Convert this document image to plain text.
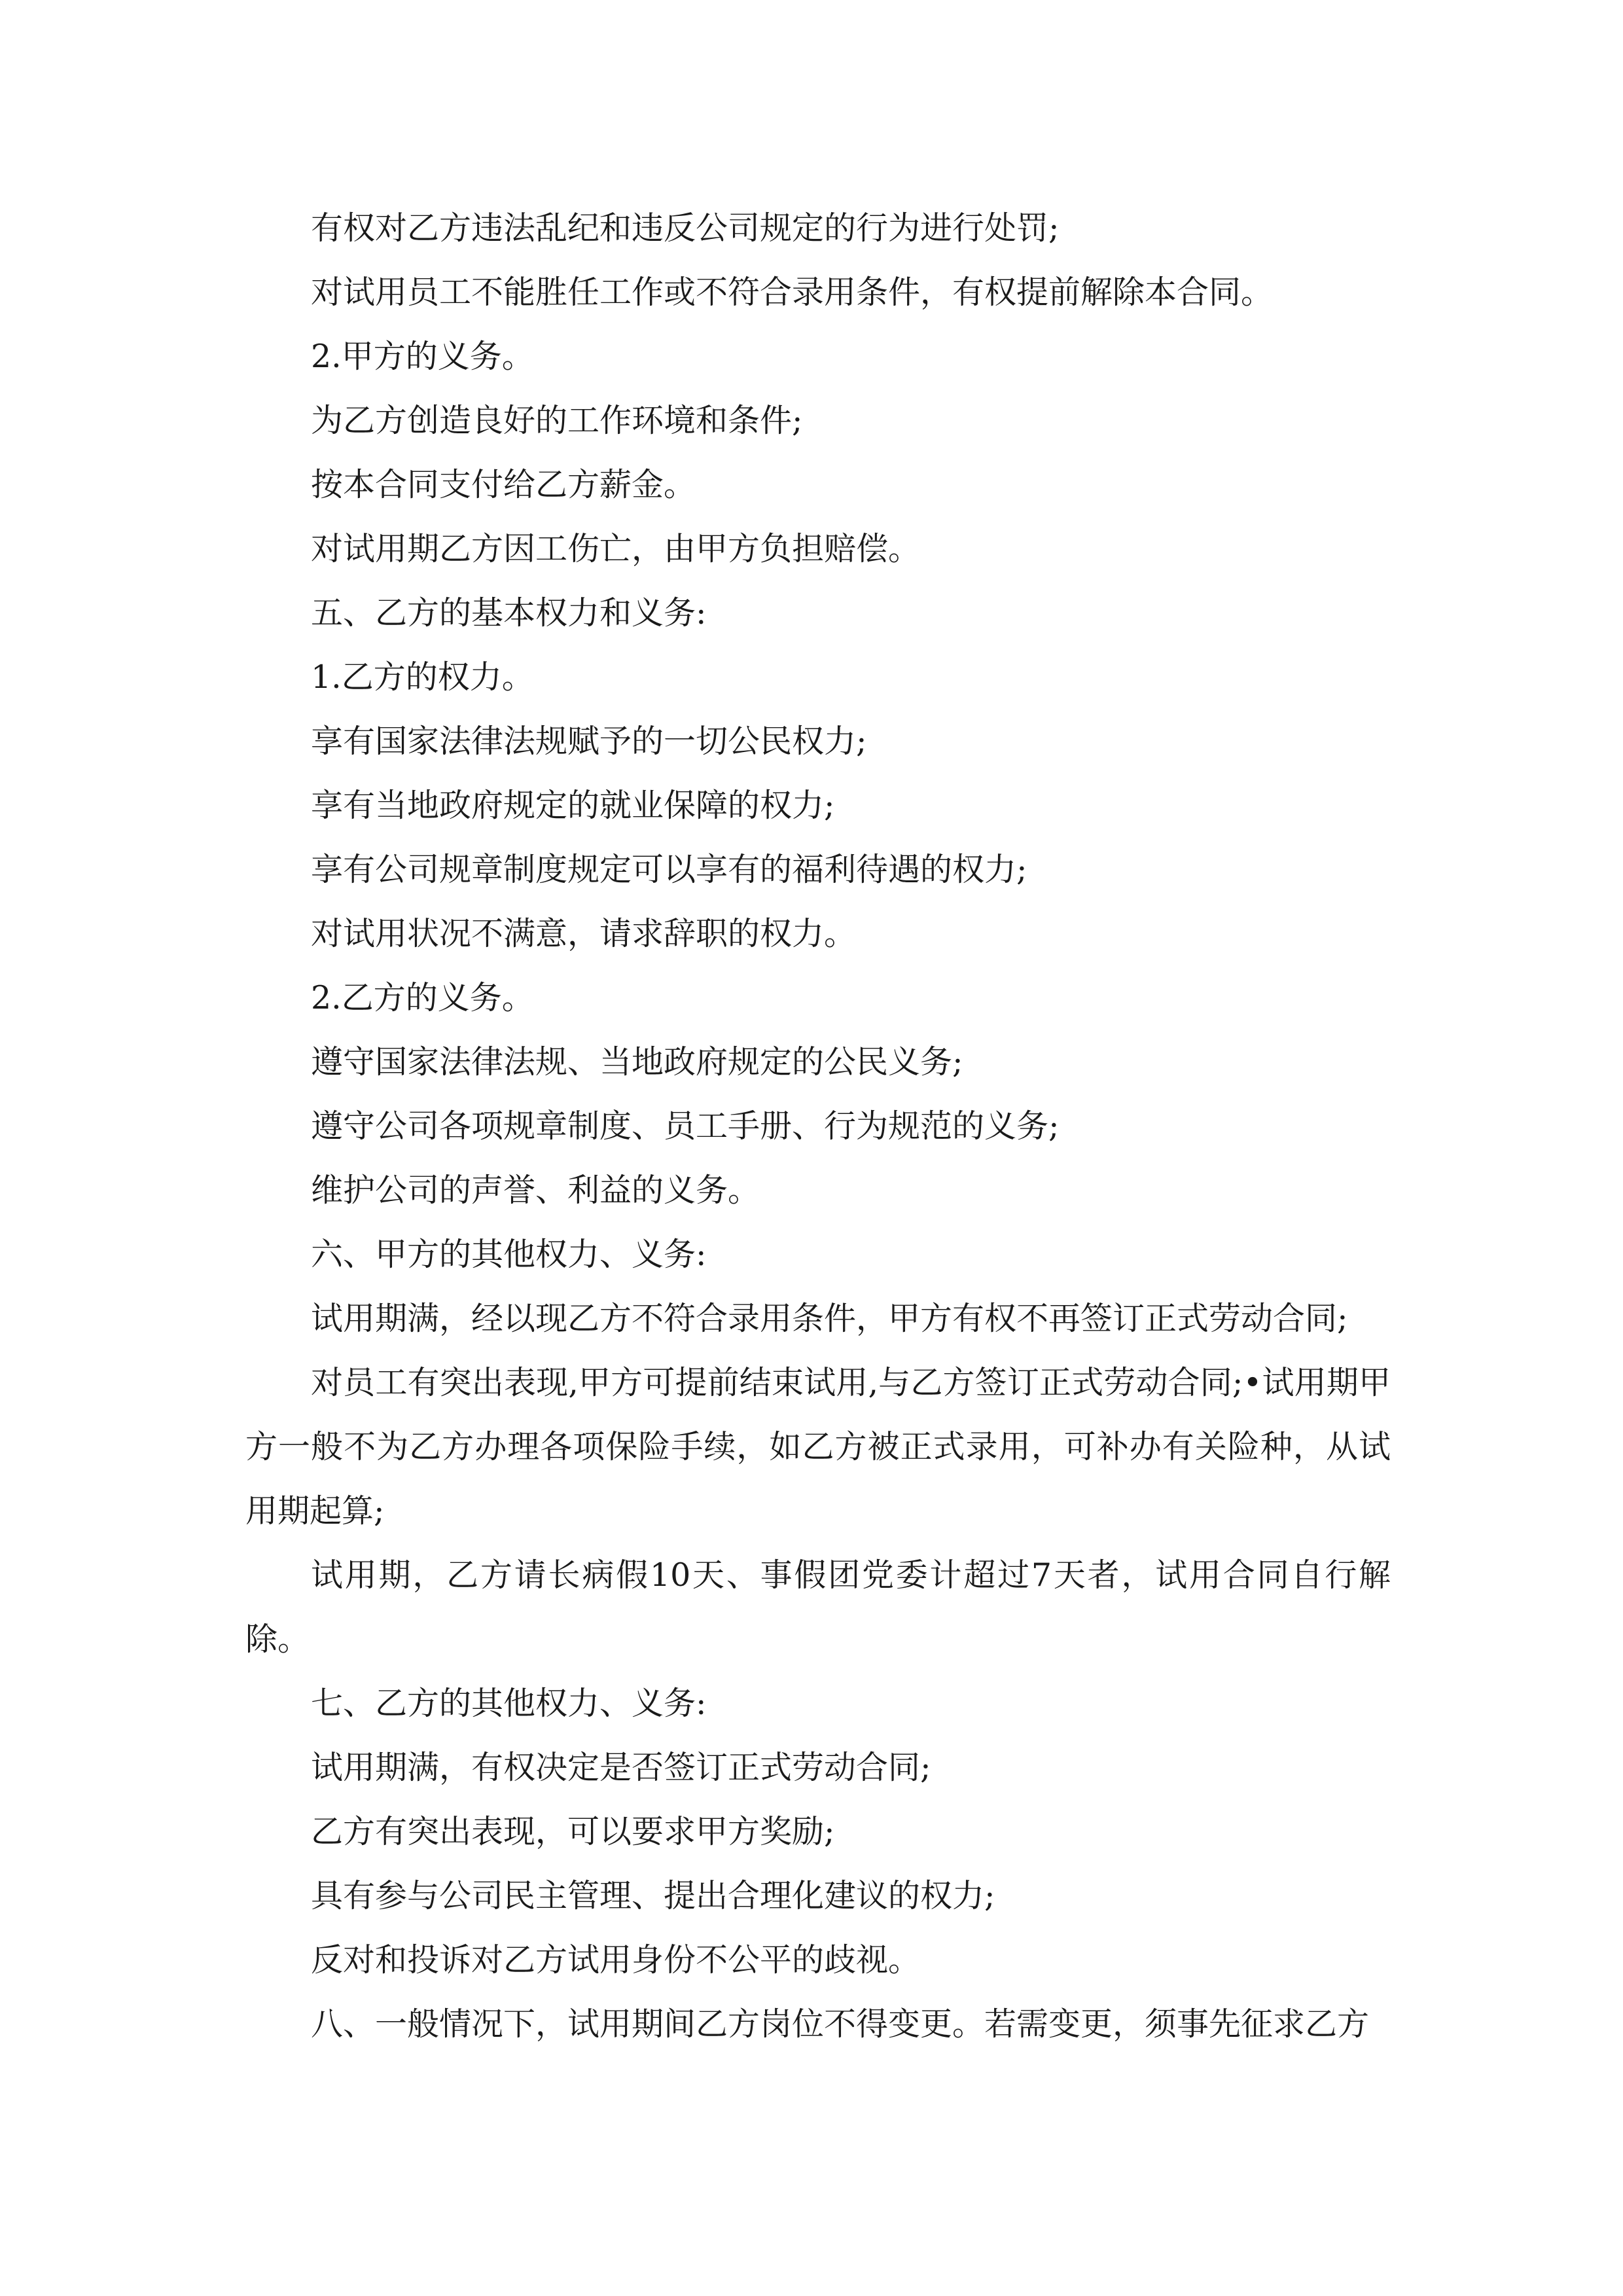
有权对乙方违法乱纪和违反公司规定的行为进行处罚;
对试用员工不能胜任工作或不符合录用条件，有权提前解除本合同。
2.甲方的义务。
为乙方创造良好的工作环境和条件;
按本合同支付给乙方薪金。
对试用期乙方因工伤亡，由甲方负担赔偿。
五、乙方的基本权力和义务:
1.乙方的权力。
享有国家法律法规赋予的一切公民权力;
享有当地政府规定的就业保障的权力;
享有公司规章制度规定可以享有的福利待遇的权力;
对试用状况不满意，请求辞职的权力。
2.乙方的义务。
遵守国家法律法规、当地政府规定的公民义务;
遵守公司各项规章制度、员工手册、行为规范的义务;
维护公司的声誉、利益的义务。
六、甲方的其他权力、义务:
试用期满，经以现乙方不符合录用条件，甲方有权不再签订正式劳动合同;
对员工有突出表现,甲方可提前结束试用,与乙方签订正式劳动合同;•试用期甲方一般不为乙方办理各项保险手续，如乙方被正式录用，可补办有关险种，从试用期起算;
试用期，乙方请长病假10天、事假团党委计超过7天者，试用合同自行解除。
七、乙方的其他权力、义务:
试用期满，有权决定是否签订正式劳动合同;
乙方有突出表现，可以要求甲方奖励;
具有参与公司民主管理、提出合理化建议的权力;
反对和投诉对乙方试用身份不公平的歧视。
八、一般情况下，试用期间乙方岗位不得变更。若需变更，须事先征求乙方
